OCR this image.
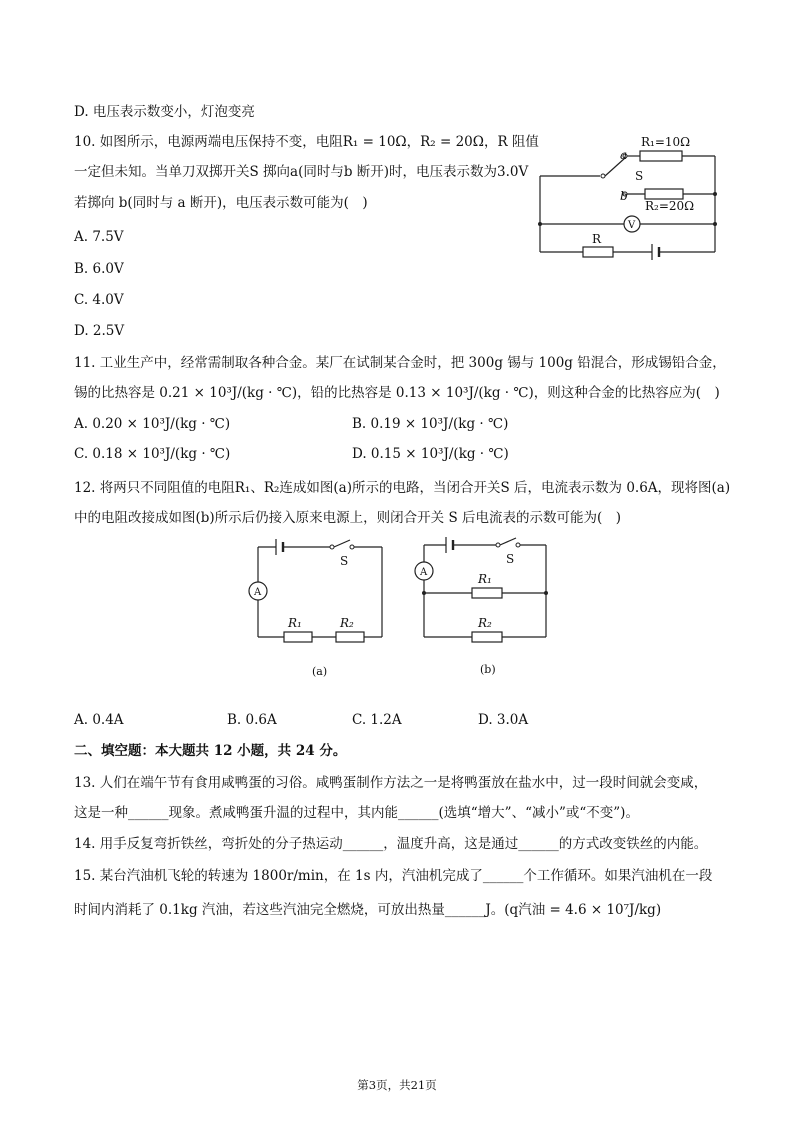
D. 电压表示数变小，灯泡变亮
10. 如图所示，电源两端电压保持不变，电阻R₁ = 10Ω，R₂ = 20Ω，R 阻值
一定但未知。当单刀双掷开关S 掷向a(同时与b 断开)时，电压表示数为3.0V
若掷向 b(同时与 a 断开)，电压表示数可能为(　)
A. 7.5V
B. 6.0V
C. 4.0V
D. 2.5V
R₁=10Ω
R₂=20Ω
R
a
b
S
V
11. 工业生产中，经常需制取各种合金。某厂在试制某合金时，把 300g 锡与 100g 铅混合，形成锡铅合金，
锡的比热容是 0.21 × 10³J/(kg · ℃)，铅的比热容是 0.13 × 10³J/(kg · ℃)，则这种合金的比热容应为(　)
A. 0.20 × 10³J/(kg · ℃)	B. 0.19 × 10³J/(kg · ℃)
C. 0.18 × 10³J/(kg · ℃)	D. 0.15 × 10³J/(kg · ℃)
12. 将两只不同阻值的电阻R₁、R₂连成如图(a)所示的电路，当闭合开关S 后，电流表示数为 0.6A，现将图(a)
中的电阻改接成如图(b)所示后仍接入原来电源上，则闭合开关 S 后电流表的示数可能为(　)
S
A
R₁	R₂
(a)
S
A	R₁
R₂
(b)
A. 0.4A	B. 0.6A	C. 1.2A	D. 3.0A
二、填空题：本大题共 12 小题，共 24 分。
13. 人们在端午节有食用咸鸭蛋的习俗。咸鸭蛋制作方法之一是将鸭蛋放在盐水中，过一段时间就会变咸，
这是一种______现象。煮咸鸭蛋升温的过程中，其内能______(选填“增大”、“减小”或“不变”)。
14. 用手反复弯折铁丝，弯折处的分子热运动______，温度升高，这是通过______的方式改变铁丝的内能。
15. 某台汽油机飞轮的转速为 1800r/min，在 1s 内，汽油机完成了______个工作循环。如果汽油机在一段
时间内消耗了 0.1kg 汽油，若这些汽油完全燃烧，可放出热量______J。(q汽油 = 4.6 × 10⁷J/kg)
第3页，共21页
